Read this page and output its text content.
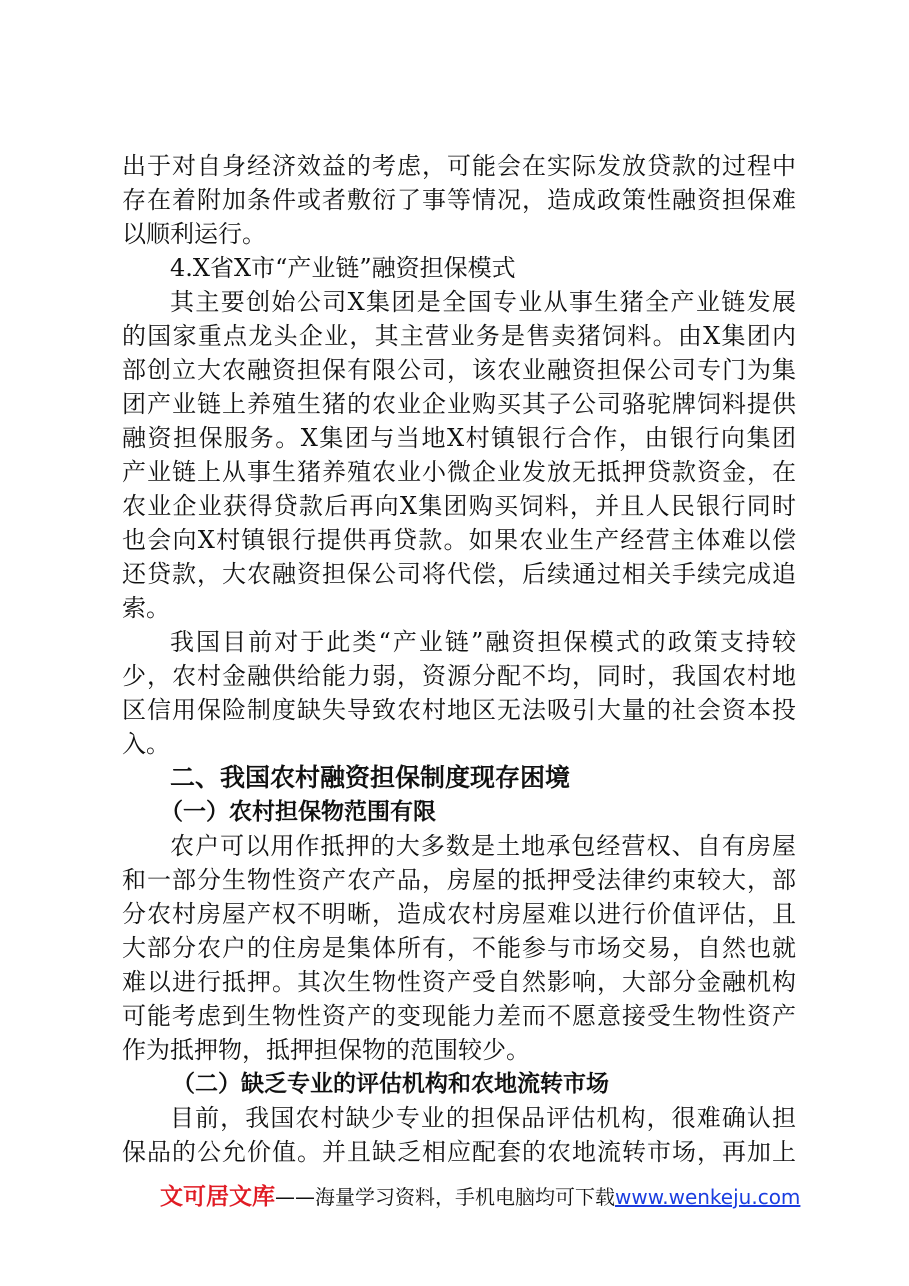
出于对自身经济效益的考虑，可能会在实际发放贷款的过程中
存在着附加条件或者敷衍了事等情况，造成政策性融资担保难
以顺利运行。
4.X省X市“产业链”融资担保模式
其主要创始公司X集团是全国专业从事生猪全产业链发展
的国家重点龙头企业，其主营业务是售卖猪饲料。由X集团内
部创立大农融资担保有限公司，该农业融资担保公司专门为集
团产业链上养殖生猪的农业企业购买其子公司骆驼牌饲料提供
融资担保服务。X集团与当地X村镇银行合作，由银行向集团
产业链上从事生猪养殖农业小微企业发放无抵押贷款资金，在
农业企业获得贷款后再向X集团购买饲料，并且人民银行同时
也会向X村镇银行提供再贷款。如果农业生产经营主体难以偿
还贷款，大农融资担保公司将代偿，后续通过相关手续完成追
索。
我国目前对于此类“产业链”融资担保模式的政策支持较
少，农村金融供给能力弱，资源分配不均，同时，我国农村地
区信用保险制度缺失导致农村地区无法吸引大量的社会资本投
入。
二、我国农村融资担保制度现存困境
（一）农村担保物范围有限
农户可以用作抵押的大多数是土地承包经营权、自有房屋
和一部分生物性资产农产品，房屋的抵押受法律约束较大，部
分农村房屋产权不明晰，造成农村房屋难以进行价值评估，且
大部分农户的住房是集体所有，不能参与市场交易，自然也就
难以进行抵押。其次生物性资产受自然影响，大部分金融机构
可能考虑到生物性资产的变现能力差而不愿意接受生物性资产
作为抵押物，抵押担保物的范围较少。
（二）缺乏专业的评估机构和农地流转市场
目前，我国农村缺少专业的担保品评估机构，很难确认担
保品的公允价值。并且缺乏相应配套的农地流转市场，再加上
文可居文库——海量学习资料，手机电脑均可下载www.wenkeju.com
